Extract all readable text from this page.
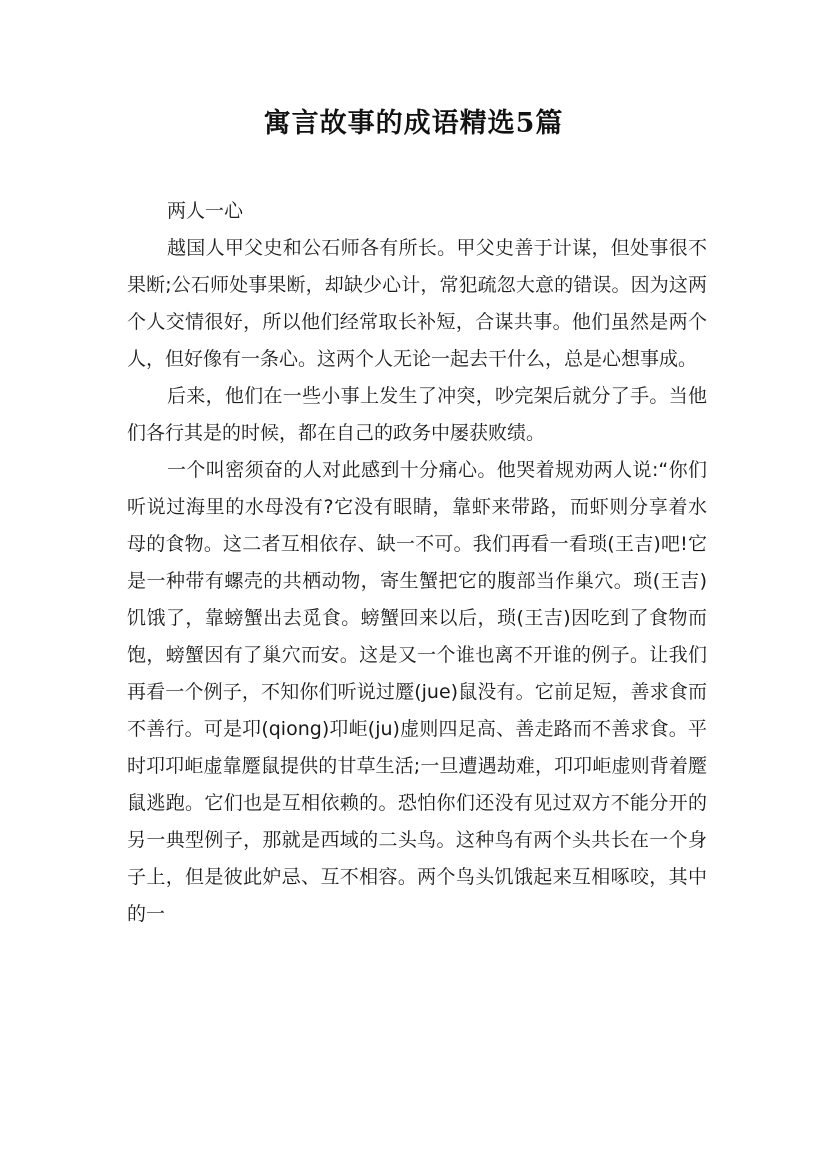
寓言故事的成语精选5篇

两人一心

越国人甲父史和公石师各有所长。甲父史善于计谋，但处事很不果断;公石师处事果断，却缺少心计，常犯疏忽大意的错误。因为这两个人交情很好，所以他们经常取长补短，合谋共事。他们虽然是两个人，但好像有一条心。这两个人无论一起去干什么，总是心想事成。

后来，他们在一些小事上发生了冲突，吵完架后就分了手。当他们各行其是的时候，都在自己的政务中屡获败绩。

一个叫密须奋的人对此感到十分痛心。他哭着规劝两人说:“你们听说过海里的水母没有?它没有眼睛，靠虾来带路，而虾则分享着水母的食物。这二者互相依存、缺一不可。我们再看一看琐(王吉)吧!它是一种带有螺壳的共栖动物，寄生蟹把它的腹部当作巢穴。琐(王吉)饥饿了，靠螃蟹出去觅食。螃蟹回来以后，琐(王吉)因吃到了食物而饱，螃蟹因有了巢穴而安。这是又一个谁也离不开谁的例子。让我们再看一个例子，不知你们听说过蹷(jue)鼠没有。它前足短，善求食而不善行。可是卭(qiong)卭岠(ju)虚则四足高、善走路而不善求食。平时卭卭岠虚靠蹷鼠提供的甘草生活;一旦遭遇劫难，卭卭岠虚则背着蹷鼠逃跑。它们也是互相依赖的。恐怕你们还没有见过双方不能分开的另一典型例子，那就是西域的二头鸟。这种鸟有两个头共长在一个身子上，但是彼此妒忌、互不相容。两个鸟头饥饿起来互相啄咬，其中的一
